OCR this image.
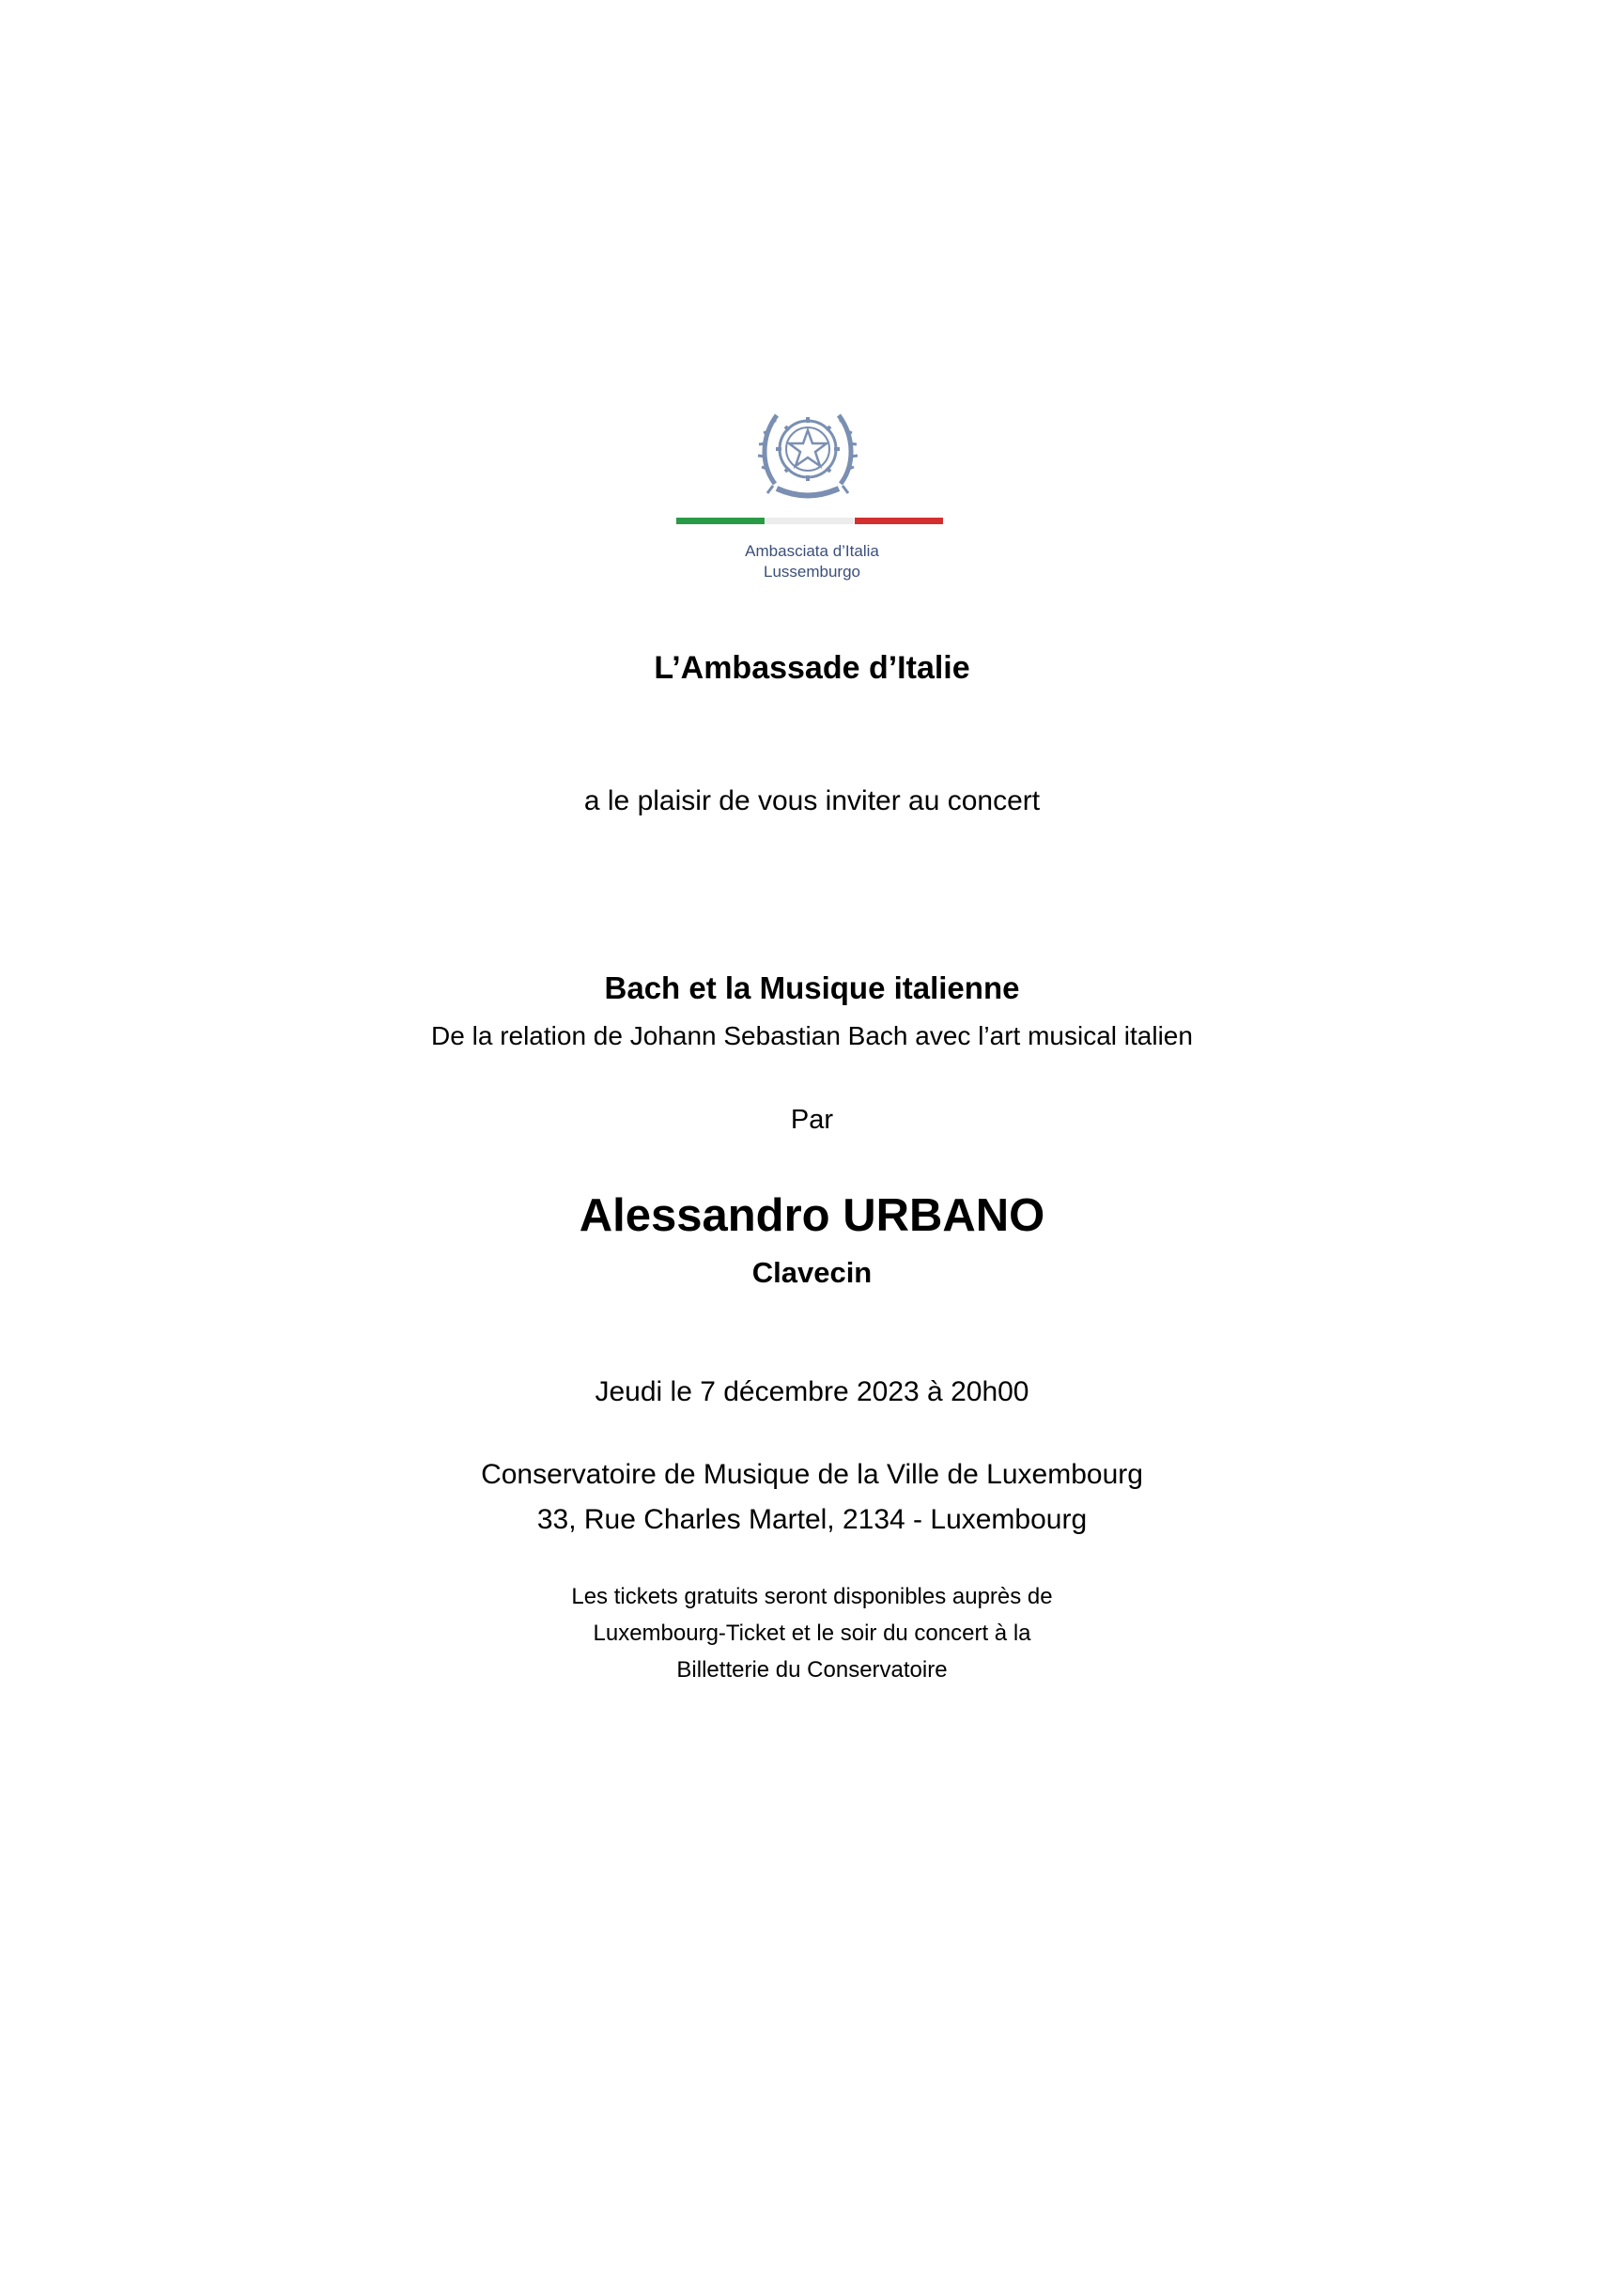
Ambasciata d’Italia
Lussemburgo
L’Ambassade d’Italie
a le plaisir de vous inviter au concert
Bach et la Musique italienne
De la relation de Johann Sebastian Bach avec l’art musical italien
Par
Alessandro URBANO
Clavecin
Jeudi le 7 décembre 2023 à 20h00
Conservatoire de Musique de la Ville de Luxembourg
33, Rue Charles Martel, 2134 - Luxembourg
Les tickets gratuits seront disponibles auprès de
Luxembourg-Ticket et le soir du concert à la
Billetterie du Conservatoire
